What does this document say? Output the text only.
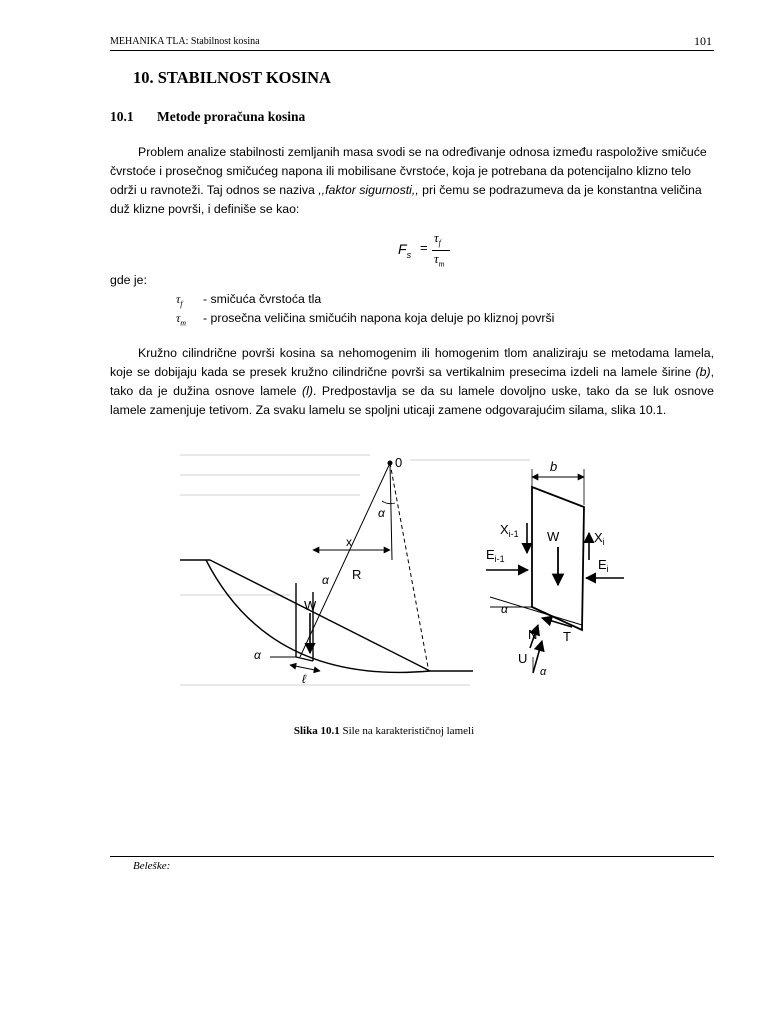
MEHANIKA TLA: Stabilnost kosina	101
10. STABILNOST KOSINA
10.1 Metode proračuna kosina

Problem analize stabilnosti zemljanih masa svodi se na određivanje odnosa između raspoložive smičuće čvrstoće i prosečnog smičućeg napona ili mobilisane čvrstoće, koja je potrebana da potencijalno klizno telo održi u ravnoteži. Taj odnos se naziva ,,faktor sigurnosti,, pri čemu se podrazumeva da je konstantna veličina duž klizne površi, i definiše se kao:

$F_s$ =
$\tau_f$
$\tau_m$
gde je:
$\tau_f$ - smičuća čvrstoća tla
$\tau_m$ - prosečna veličina smičućih napona koja deluje po kliznoj površi

Kružno cilindrične površi kosina sa nehomogenim ili homogenim tlom analiziraju se metodama lamela, koje se dobijaju kada se presek kružno cilindrične površi sa vertikalnim presecima izdeli na lamele širine (b), tako da je dužina osnove lamele (l). Predpostavlja se da su lamele dovoljno uske, tako da se luk osnove lamele zamenjuje tetivom. Za svaku lamelu se spoljni uticaji zamene odgovarajućim silama, slika 10.1.

0
α
x
R
α
W
α
ℓ
b
W
$X_{i-1}$
$E_{i-1}$
$X_i$
$E_i$
α
N' T
U
α
Slika 10.1 Sile na karakterističnoj lameli
Beleške:
